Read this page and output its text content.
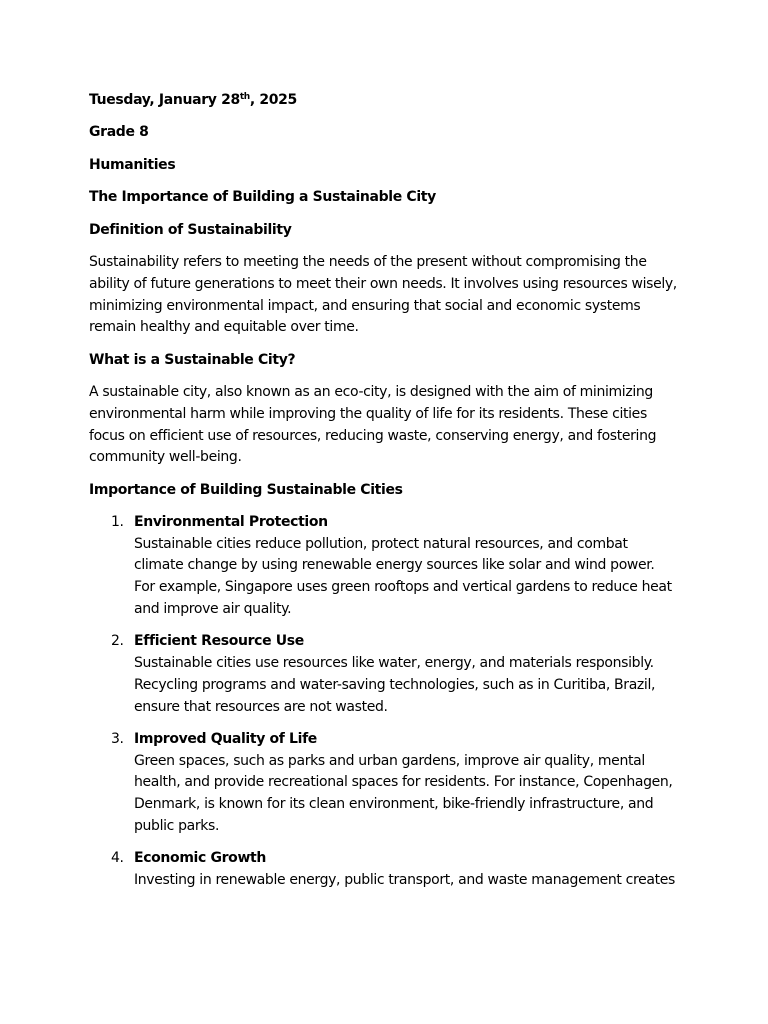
Tuesday, January 28th, 2025

Grade 8

Humanities

The Importance of Building a Sustainable City

Definition of Sustainability

Sustainability refers to meeting the needs of the present without compromising the ability of future generations to meet their own needs. It involves using resources wisely, minimizing environmental impact, and ensuring that social and economic systems remain healthy and equitable over time.

What is a Sustainable City?

A sustainable city, also known as an eco-city, is designed with the aim of minimizing environmental harm while improving the quality of life for its residents. These cities focus on efficient use of resources, reducing waste, conserving energy, and fostering community well-being.

Importance of Building Sustainable Cities

1. Environmental Protection
Sustainable cities reduce pollution, protect natural resources, and combat climate change by using renewable energy sources like solar and wind power. For example, Singapore uses green rooftops and vertical gardens to reduce heat and improve air quality.
2. Efficient Resource Use
Sustainable cities use resources like water, energy, and materials responsibly. Recycling programs and water-saving technologies, such as in Curitiba, Brazil, ensure that resources are not wasted.
3. Improved Quality of Life
Green spaces, such as parks and urban gardens, improve air quality, mental health, and provide recreational spaces for residents. For instance, Copenhagen, Denmark, is known for its clean environment, bike-friendly infrastructure, and public parks.
4. Economic Growth
Investing in renewable energy, public transport, and waste management creates
